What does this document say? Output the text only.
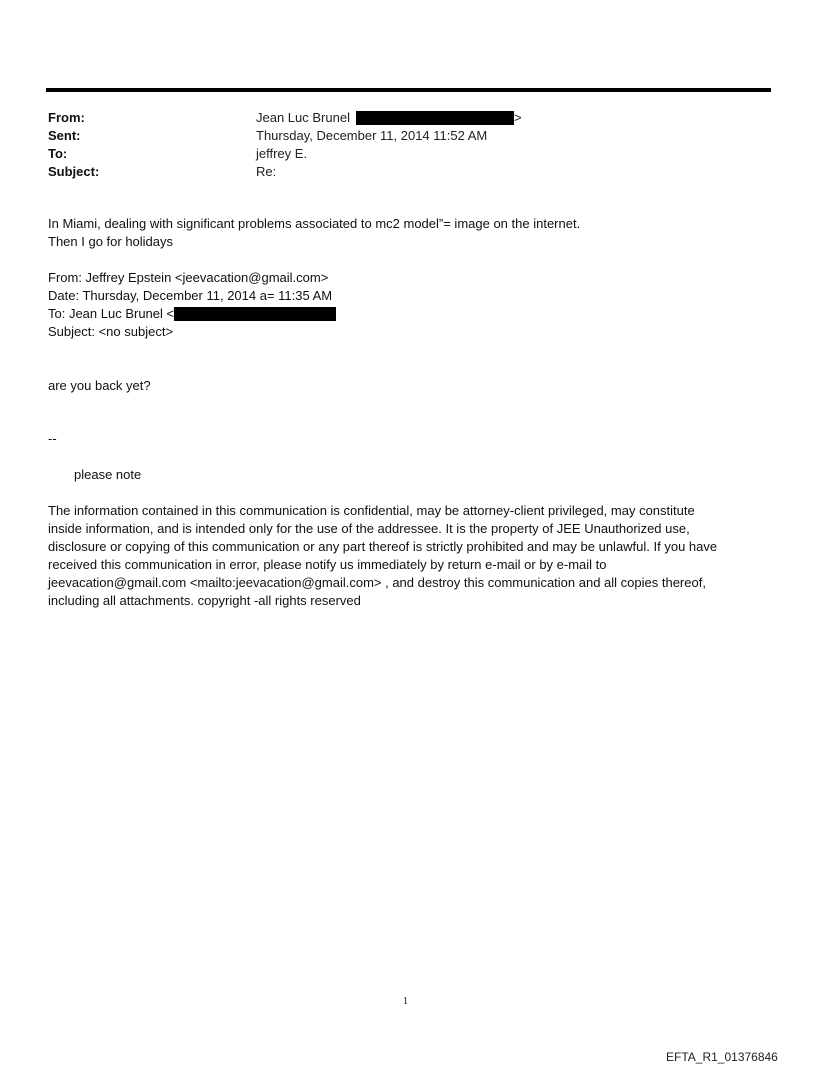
From:	Jean Luc Brunel	>
Sent:	Thursday, December 11, 2014 11:52 AM
To:	jeffrey E.
Subject:	Re:
In Miami, dealing with significant problems associated to mc2 model”= image on the internet.
Then I go for holidays
From: Jeffrey Epstein <jeevacation@gmail.com>
Date: Thursday, December 11, 2014 a= 11:35 AM
To: Jean Luc Brunel <
Subject: <no subject>
are you back yet?
--
please note
The information contained in this communication is confidential, may be attorney-client privileged, may constitute
inside information, and is intended only for the use of the addressee. It is the property of JEE Unauthorized use,
disclosure or copying of this communication or any part thereof is strictly prohibited and may be unlawful. If you have
received this communication in error, please notify us immediately by return e-mail or by e-mail to
jeevacation@gmail.com <mailto:jeevacation@gmail.com> , and destroy this communication and all copies thereof,
including all attachments. copyright -all rights reserved
1
EFTA_R1_01376846
